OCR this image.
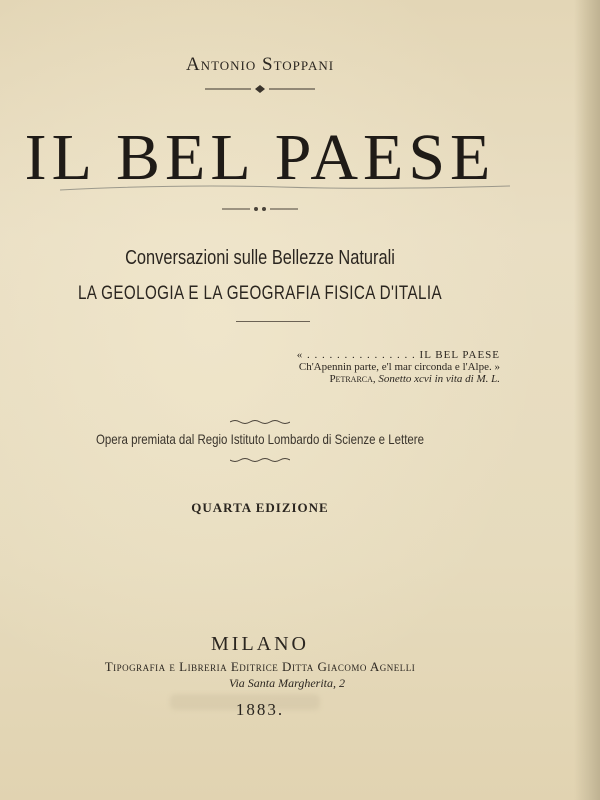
Antonio Stoppani
IL BEL PAESE
Conversazioni sulle Bellezze Naturali
LA GEOLOGIA E LA GEOGRAFIA FISICA D'ITALIA
« . . . . . . . . . . . . . . . IL BEL PAESE
Ch'Apennin parte, e'l mar circonda e l'Alpe. »
Petrarca, Sonetto xcvi in vita di M. L.
Opera premiata dal Regio Istituto Lombardo di Scienze e Lettere
QUARTA EDIZIONE
MILANO
Tipografia e Libreria Editrice Ditta Giacomo Agnelli
Via Santa Margherita, 2
1883.
